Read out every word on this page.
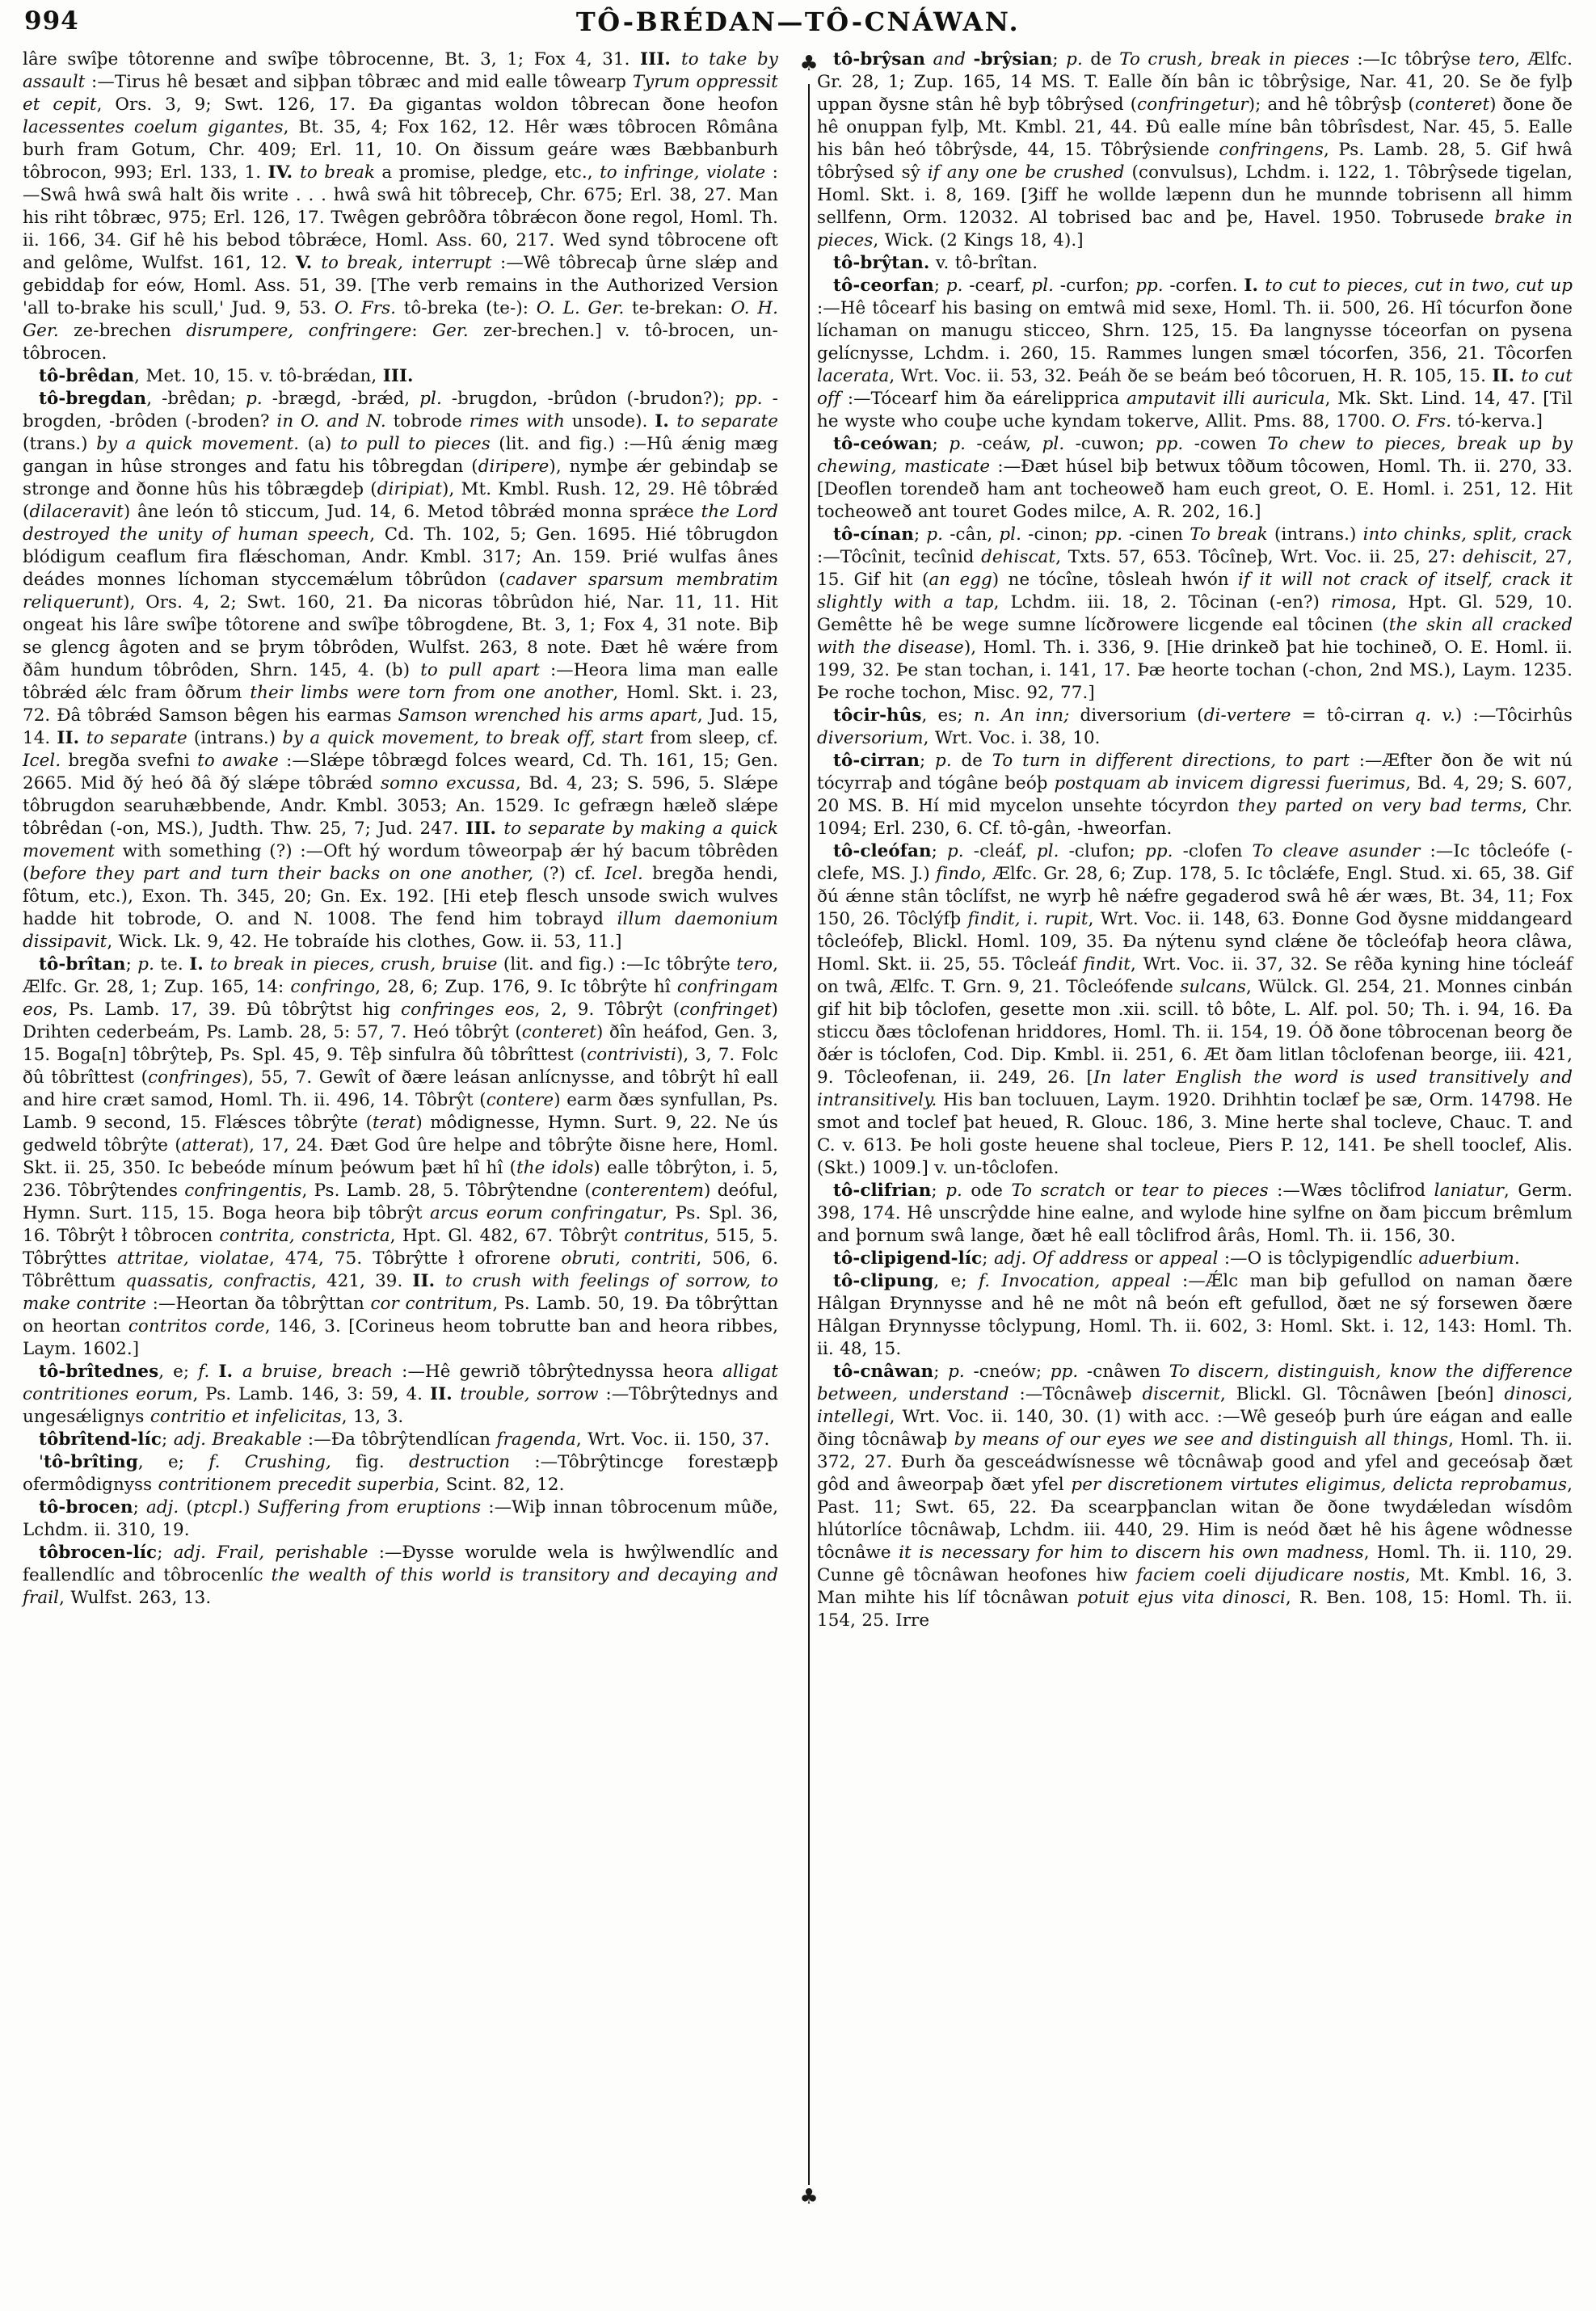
994	TÔ-BRÉDAN—TÔ-CNÁWAN.
♣
♣
lâre swîþe tôtorenne and swîþe tôbrocenne, Bt. 3, 1; Fox 4, 31. III. to take by assault :—Tirus hê besæt and siþþan tôbræc and mid ealle tôwearp Tyrum oppressit et cepit, Ors. 3, 9; Swt. 126, 17. Ða gigantas woldon tôbrecan ðone heofon lacessentes coelum gigantes, Bt. 35, 4; Fox 162, 12. Hêr wæs tôbrocen Rômâna burh fram Gotum, Chr. 409; Erl. 11, 10. On ðissum geáre wæs Bæbbanburh tôbrocon, 993; Erl. 133, 1. IV. to break a promise, pledge, etc., to infringe, violate :—Swâ hwâ swâ halt ðis write . . . hwâ swâ hit tôbreceþ, Chr. 675; Erl. 38, 27. Man his riht tôbræc, 975; Erl. 126, 17. Twêgen gebrôðra tôbrǽcon ðone regol, Homl. Th. ii. 166, 34. Gif hê his bebod tôbrǽce, Homl. Ass. 60, 217. Wed synd tôbrocene oft and gelôme, Wulfst. 161, 12. V. to break, interrupt :—Wê tôbrecaþ ûrne slǽp and gebiddaþ for eów, Homl. Ass. 51, 39. [The verb remains in the Authorized Version 'all to-brake his scull,' Jud. 9, 53. O. Frs. tô-breka (te-): O. L. Ger. te-brekan: O. H. Ger. ze-brechen disrumpere, confringere: Ger. zer-brechen.] v. tô-brocen, un-tôbrocen.
tô-brêdan, Met. 10, 15. v. tô-brǽdan, III.
tô-bregdan, -brêdan; p. -brægd, -brǽd, pl. -brugdon, -brûdon (-brudon?); pp. -brogden, -brôden (-broden? in O. and N. tobrode rimes with unsode). I. to separate (trans.) by a quick movement. (a) to pull to pieces (lit. and fig.) :—Hû ǽnig mæg gangan in hûse stronges and fatu his tôbregdan (diripere), nymþe ǽr gebindaþ se stronge and ðonne hûs his tôbrægdeþ (diripiat), Mt. Kmbl. Rush. 12, 29. Hê tôbrǽd (dilaceravit) âne león tô sticcum, Jud. 14, 6. Metod tôbrǽd monna sprǽce the Lord destroyed the unity of human speech, Cd. Th. 102, 5; Gen. 1695. Hié tôbrugdon blódigum ceaflum fira flǽschoman, Andr. Kmbl. 317; An. 159. Þrié wulfas ânes deádes monnes líchoman styccemǽlum tôbrûdon (cadaver sparsum membratim reliquerunt), Ors. 4, 2; Swt. 160, 21. Ða nicoras tôbrûdon hié, Nar. 11, 11. Hit ongeat his lâre swîþe tôtorene and swîþe tôbrogdene, Bt. 3, 1; Fox 4, 31 note. Biþ se glencg âgoten and se þrym tôbrôden, Wulfst. 263, 8 note. Ðæt hê wǽre from ðâm hundum tôbrôden, Shrn. 145, 4. (b) to pull apart :—Heora lima man ealle tôbrǽd ǽlc fram ôðrum their limbs were torn from one another, Homl. Skt. i. 23, 72. Ðâ tôbrǽd Samson bêgen his earmas Samson wrenched his arms apart, Jud. 15, 14. II. to separate (intrans.) by a quick movement, to break off, start from sleep, cf. Icel. bregða svefni to awake :—Slǽpe tôbrægd folces weard, Cd. Th. 161, 15; Gen. 2665. Mid ðý heó ðâ ðý slǽpe tôbrǽd somno excussa, Bd. 4, 23; S. 596, 5. Slǽpe tôbrugdon searuhæbbende, Andr. Kmbl. 3053; An. 1529. Ic gefrægn hæleð slǽpe tôbrêdan (-on, MS.), Judth. Thw. 25, 7; Jud. 247. III. to separate by making a quick movement with something (?) :—Oft hý wordum tôweorpaþ ǽr hý bacum tôbrêden (before they part and turn their backs on one another, (?) cf. Icel. bregða hendi, fôtum, etc.), Exon. Th. 345, 20; Gn. Ex. 192. [Hi eteþ flesch unsode swich wulves hadde hit tobrode, O. and N. 1008. The fend him tobrayd illum daemonium dissipavit, Wick. Lk. 9, 42. He tobraíde his clothes, Gow. ii. 53, 11.]
tô-brîtan; p. te. I. to break in pieces, crush, bruise (lit. and fig.) :—Ic tôbrŷte tero, Ælfc. Gr. 28, 1; Zup. 165, 14: confringo, 28, 6; Zup. 176, 9. Ic tôbrŷte hî confringam eos, Ps. Lamb. 17, 39. Ðû tôbrŷtst hig confringes eos, 2, 9. Tôbrŷt (confringet) Drihten cederbeám, Ps. Lamb. 28, 5: 57, 7. Heó tôbrŷt (conteret) ðîn heáfod, Gen. 3, 15. Boga[n] tôbrŷteþ, Ps. Spl. 45, 9. Têþ sinfulra ðû tôbrîttest (contrivisti), 3, 7. Folc ðû tôbrîttest (confringes), 55, 7. Gewît of ðære leásan anlícnysse, and tôbrŷt hî eall and hire cræt samod, Homl. Th. ii. 496, 14. Tôbrŷt (contere) earm ðæs synfullan, Ps. Lamb. 9 second, 15. Flǽsces tôbrŷte (terat) môdignesse, Hymn. Surt. 9, 22. Ne ús gedweld tôbrŷte (atterat), 17, 24. Ðæt God ûre helpe and tôbrŷte ðisne here, Homl. Skt. ii. 25, 350. Ic bebeóde mínum þeówum þæt hî hî (the idols) ealle tôbrŷton, i. 5, 236. Tôbrŷtendes confringentis, Ps. Lamb. 28, 5. Tôbrŷtendne (conterentem) deóful, Hymn. Surt. 115, 15. Boga heora biþ tôbrŷt arcus eorum confringatur, Ps. Spl. 36, 16. Tôbrŷt ł tôbrocen contrita, constricta, Hpt. Gl. 482, 67. Tôbrŷt contritus, 515, 5. Tôbrŷttes attritae, violatae, 474, 75. Tôbrŷtte ł ofrorene obruti, contriti, 506, 6. Tôbrêttum quassatis, confractis, 421, 39. II. to crush with feelings of sorrow, to make contrite :—Heortan ða tôbrŷttan cor contritum, Ps. Lamb. 50, 19. Ða tôbrŷttan on heortan contritos corde, 146, 3. [Corineus heom tobrutte ban and heora ribbes, Laym. 1602.]
tô-brîtednes, e; f. I. a bruise, breach :—Hê gewrið tôbrŷtednyssa heora alligat contritiones eorum, Ps. Lamb. 146, 3: 59, 4. II. trouble, sorrow :—Tôbrŷtednys and ungesǽlignys contritio et infelicitas, 13, 3.
tôbrîtend-líc; adj. Breakable :—Ða tôbrŷtendlícan fragenda, Wrt. Voc. ii. 150, 37.
'tô-brîting, e; f. Crushing, fig. destruction :—Tôbrŷtincge forestæpþ ofermôdignyss contritionem precedit superbia, Scint. 82, 12.
tô-brocen; adj. (ptcpl.) Suffering from eruptions :—Wiþ innan tôbrocenum mûðe, Lchdm. ii. 310, 19.
tôbrocen-líc; adj. Frail, perishable :—Ðysse worulde wela is hwŷlwendlíc and feallendlíc and tôbrocenlíc the wealth of this world is transitory and decaying and frail, Wulfst. 263, 13.
tô-brŷsan and -brŷsian; p. de To crush, break in pieces :—Ic tôbrŷse tero, Ælfc. Gr. 28, 1; Zup. 165, 14 MS. T. Ealle ðín bân ic tôbrŷsige, Nar. 41, 20. Se ðe fylþ uppan ðysne stân hê byþ tôbrŷsed (confringetur); and hê tôbrŷsþ (conteret) ðone ðe hê onuppan fylþ, Mt. Kmbl. 21, 44. Ðû ealle míne bân tôbrîsdest, Nar. 45, 5. Ealle his bân heó tôbrŷsde, 44, 15. Tôbrŷsiende confringens, Ps. Lamb. 28, 5. Gif hwâ tôbrŷsed sŷ if any one be crushed (convulsus), Lchdm. i. 122, 1. Tôbrŷsede tigelan, Homl. Skt. i. 8, 169. [Ȝiff he wollde læpenn dun he munnde tobrisenn all himm sellfenn, Orm. 12032. Al tobrised bac and þe, Havel. 1950. Tobrusede brake in pieces, Wick. (2 Kings 18, 4).]
tô-brŷtan. v. tô-brîtan.
tô-ceorfan; p. -cearf, pl. -curfon; pp. -corfen. I. to cut to pieces, cut in two, cut up :—Hê tôcearf his basing on emtwâ mid sexe, Homl. Th. ii. 500, 26. Hî tócurfon ðone líchaman on manugu sticceo, Shrn. 125, 15. Ða langnysse tóceorfan on pysena gelícnysse, Lchdm. i. 260, 15. Rammes lungen smæl tócorfen, 356, 21. Tôcorfen lacerata, Wrt. Voc. ii. 53, 32. Þeáh ðe se beám beó tôcoruen, H. R. 105, 15. II. to cut off :—Tócearf him ða eárelipprica amputavit illi auricula, Mk. Skt. Lind. 14, 47. [Til he wyste who couþe uche kyndam tokerve, Allit. Pms. 88, 1700. O. Frs. tó-kerva.]
tô-ceówan; p. -ceáw, pl. -cuwon; pp. -cowen To chew to pieces, break up by chewing, masticate :—Ðæt húsel biþ betwux tôðum tôcowen, Homl. Th. ii. 270, 33. [Deoflen torendeð ham ant tocheoweð ham euch greot, O. E. Homl. i. 251, 12. Hit tocheoweð ant touret Godes milce, A. R. 202, 16.]
tô-cínan; p. -cân, pl. -cinon; pp. -cinen To break (intrans.) into chinks, split, crack :—Tôcînit, tecînid dehiscat, Txts. 57, 653. Tôcîneþ, Wrt. Voc. ii. 25, 27: dehiscit, 27, 15. Gif hit (an egg) ne tócîne, tôsleah hwón if it will not crack of itself, crack it slightly with a tap, Lchdm. iii. 18, 2. Tôcinan (-en?) rimosa, Hpt. Gl. 529, 10. Gemêtte hê be wege sumne lícðrowere licgende eal tôcinen (the skin all cracked with the disease), Homl. Th. i. 336, 9. [Hie drinkeð þat hie tochineð, O. E. Homl. ii. 199, 32. Þe stan tochan, i. 141, 17. Þæ heorte tochan (-chon, 2nd MS.), Laym. 1235. Þe roche tochon, Misc. 92, 77.]
tôcir-hûs, es; n. An inn; diversorium (di-vertere = tô-cirran q. v.) :—Tôcirhûs diversorium, Wrt. Voc. i. 38, 10.
tô-cirran; p. de To turn in different directions, to part :—Æfter ðon ðe wit nú tócyrraþ and tógâne beóþ postquam ab invicem digressi fuerimus, Bd. 4, 29; S. 607, 20 MS. B. Hí mid mycelon unsehte tócyrdon they parted on very bad terms, Chr. 1094; Erl. 230, 6. Cf. tô-gân, -hweorfan.
tô-cleófan; p. -cleáf, pl. -clufon; pp. -clofen To cleave asunder :—Ic tôcleófe (-clefe, MS. J.) findo, Ælfc. Gr. 28, 6; Zup. 178, 5. Ic tôclǽfe, Engl. Stud. xi. 65, 38. Gif ðú ǽnne stân tôclífst, ne wyrþ hê nǽfre gegaderod swâ hê ǽr wæs, Bt. 34, 11; Fox 150, 26. Tôclýfþ findit, i. rupit, Wrt. Voc. ii. 148, 63. Ðonne God ðysne middangeard tôcleófeþ, Blickl. Homl. 109, 35. Ða nýtenu synd clǽne ðe tôcleófaþ heora clâwa, Homl. Skt. ii. 25, 55. Tôcleáf findit, Wrt. Voc. ii. 37, 32. Se rêða kyning hine tócleáf on twâ, Ælfc. T. Grn. 9, 21. Tôcleófende sulcans, Wülck. Gl. 254, 21. Monnes cinbán gif hit biþ tôclofen, gesette mon .xii. scill. tô bôte, L. Alf. pol. 50; Th. i. 94, 16. Ða sticcu ðæs tôclofenan hriddores, Homl. Th. ii. 154, 19. Óð ðone tôbrocenan beorg ðe ðǽr is tóclofen, Cod. Dip. Kmbl. ii. 251, 6. Æt ðam litlan tôclofenan beorge, iii. 421, 9. Tôcleofenan, ii. 249, 26. [In later English the word is used transitively and intransitively. His ban tocluuen, Laym. 1920. Drihhtin toclæf þe sæ, Orm. 14798. He smot and toclef þat heued, R. Glouc. 186, 3. Mine herte shal tocleve, Chauc. T. and C. v. 613. Þe holi goste heuene shal tocleue, Piers P. 12, 141. Þe shell tooclef, Alis. (Skt.) 1009.] v. un-tôclofen.
tô-clifrian; p. ode To scratch or tear to pieces :—Wæs tôclifrod laniatur, Germ. 398, 174. Hê unscrŷdde hine ealne, and wylode hine sylfne on ðam þiccum brêmlum and þornum swâ lange, ðæt hê eall tôclifrod ârâs, Homl. Th. ii. 156, 30.
tô-clipigend-líc; adj. Of address or appeal :—O is tôclypigendlíc aduerbium.
tô-clipung, e; f. Invocation, appeal :—Ǽlc man biþ gefullod on naman ðære Hâlgan Ðrynnysse and hê ne môt nâ beón eft gefullod, ðæt ne sý forsewen ðære Hâlgan Ðrynnysse tôclypung, Homl. Th. ii. 602, 3: Homl. Skt. i. 12, 143: Homl. Th. ii. 48, 15.
tô-cnâwan; p. -cneów; pp. -cnâwen To discern, distinguish, know the difference between, understand :—Tôcnâweþ discernit, Blickl. Gl. Tôcnâwen [beón] dinosci, intellegi, Wrt. Voc. ii. 140, 30. (1) with acc. :—Wê geseóþ þurh úre eágan and ealle ðing tôcnâwaþ by means of our eyes we see and distinguish all things, Homl. Th. ii. 372, 27. Ðurh ða gesceádwísnesse wê tôcnâwaþ good and yfel and geceósaþ ðæt gôd and âweorpaþ ðæt yfel per discretionem virtutes eligimus, delicta reprobamus, Past. 11; Swt. 65, 22. Ða scearpþanclan witan ðe ðone twydǽledan wísdôm hlútorlíce tôcnâwaþ, Lchdm. iii. 440, 29. Him is neód ðæt hê his âgene wôdnesse tôcnâwe it is necessary for him to discern his own madness, Homl. Th. ii. 110, 29. Cunne gê tôcnâwan heofones hiw faciem coeli dijudicare nostis, Mt. Kmbl. 16, 3. Man mihte his líf tôcnâwan potuit ejus vita dinosci, R. Ben. 108, 15: Homl. Th. ii. 154, 25. Irre
